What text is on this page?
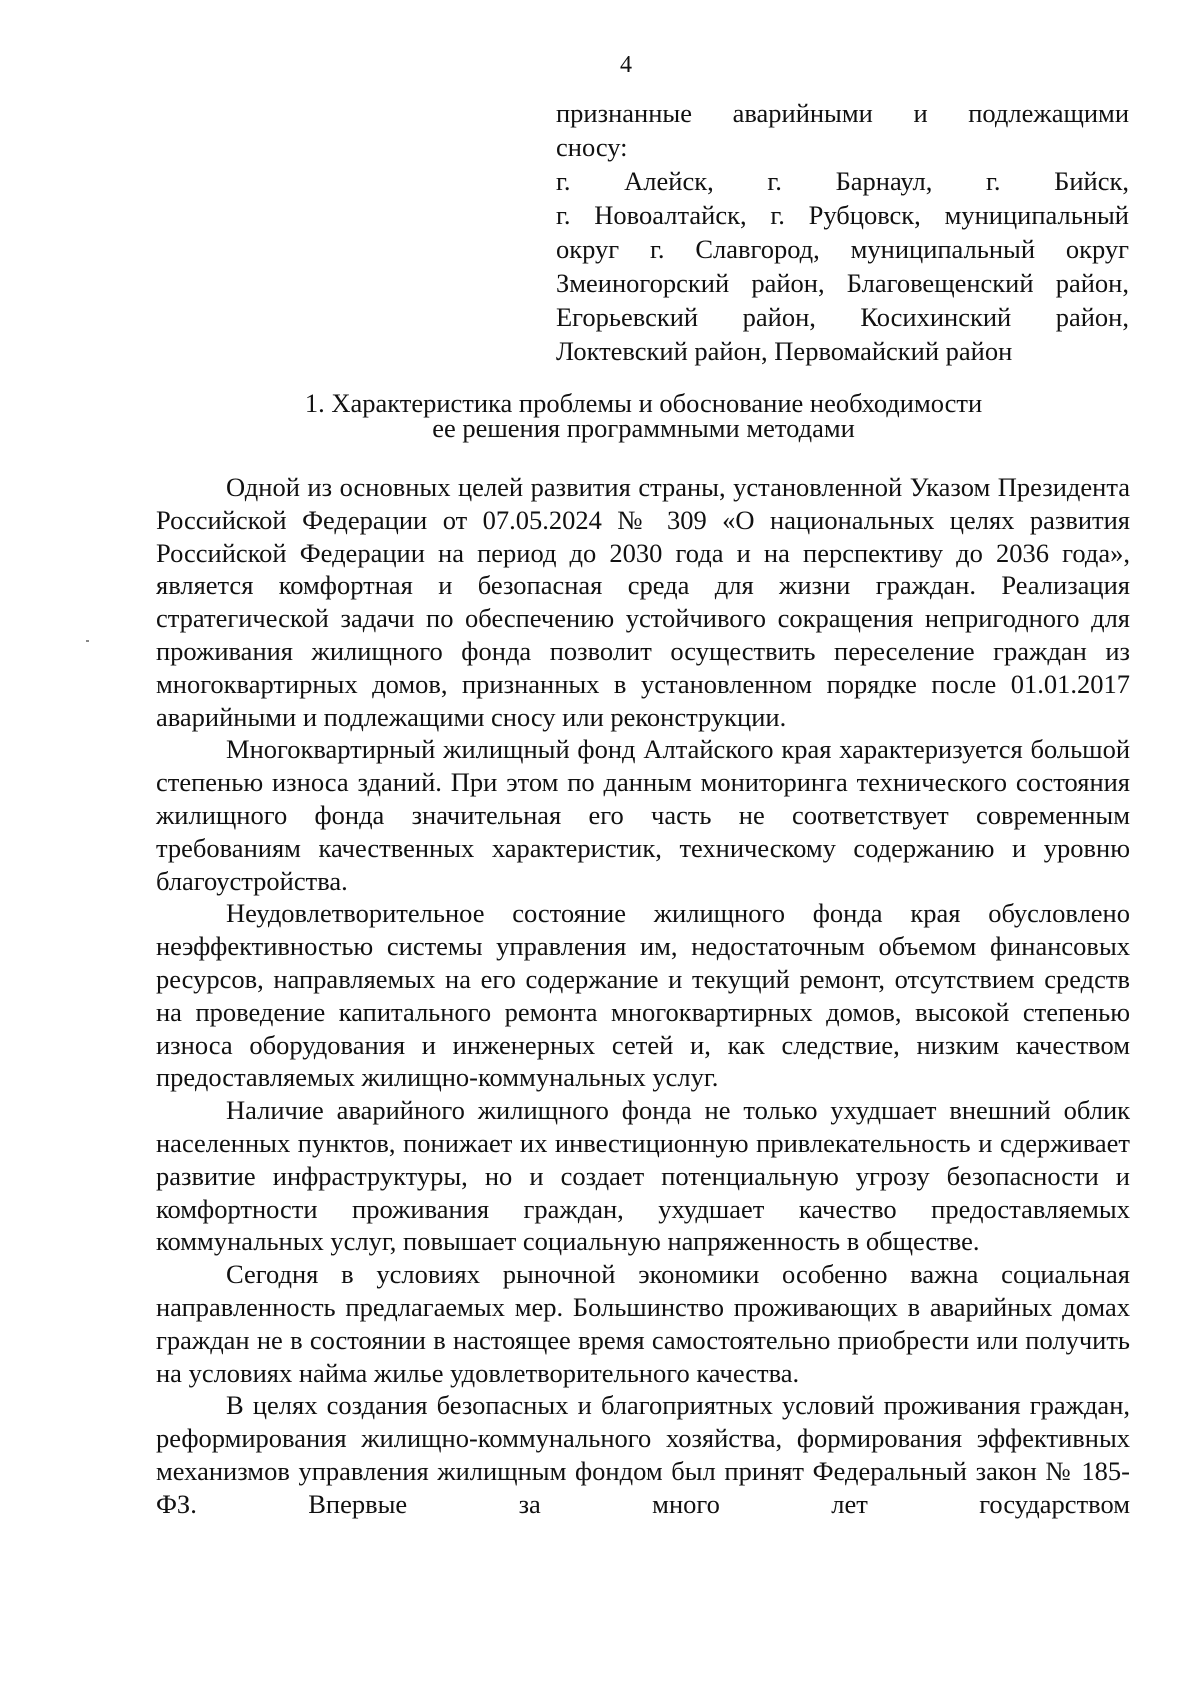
4

признанные аварийными и подлежащими

сносу:

г. Алейск, г. Барнаул, г. Бийск,

г. Новоалтайск, г. Рубцовск, муниципальный

округ г. Славгород, муниципальный округ

Змеиногорский район, Благовещенский район,

Егорьевский район, Косихинский район,

Локтевский район, Первомайский район

1. Характеристика проблемы и обоснование необходимости
ее решения программными методами

Одной из основных целей развития страны, установленной Указом Президента Российской Федерации от 07.05.2024 № 309 «О национальных целях развития Российской Федерации на период до 2030 года и на перспективу до 2036 года», является комфортная и безопасная среда для жизни граждан. Реализация стратегической задачи по обеспечению устойчивого сокращения непригодного для проживания жилищного фонда позволит осуществить переселение граждан из многоквартирных домов, признанных в установленном порядке после 01.01.2017 аварийными и подлежащими сносу или реконструкции.

Многоквартирный жилищный фонд Алтайского края характеризуется большой степенью износа зданий. При этом по данным мониторинга технического состояния жилищного фонда значительная его часть не соответствует современным требованиям качественных характеристик, техническому содержанию и уровню благоустройства.

Неудовлетворительное состояние жилищного фонда края обусловлено неэффективностью системы управления им, недостаточным объемом финансовых ресурсов, направляемых на его содержание и текущий ремонт, отсутствием средств на проведение капитального ремонта многоквартирных домов, высокой степенью износа оборудования и инженерных сетей и, как следствие, низким качеством предоставляемых жилищно-коммунальных услуг.

Наличие аварийного жилищного фонда не только ухудшает внешний облик населенных пунктов, понижает их инвестиционную привлекательность и сдерживает развитие инфраструктуры, но и создает потенциальную угрозу безопасности и комфортности проживания граждан, ухудшает качество предоставляемых коммунальных услуг, повышает социальную напряженность в обществе.

Сегодня в условиях рыночной экономики особенно важна социальная направленность предлагаемых мер. Большинство проживающих в аварийных домах граждан не в состоянии в настоящее время самостоятельно приобрести или получить на условиях найма жилье удовлетворительного качества.

В целях создания безопасных и благоприятных условий проживания граждан, реформирования жилищно-коммунального хозяйства, формирования эффективных механизмов управления жилищным фондом был принят Федеральный закон № 185-ФЗ. Впервые за много лет государством
